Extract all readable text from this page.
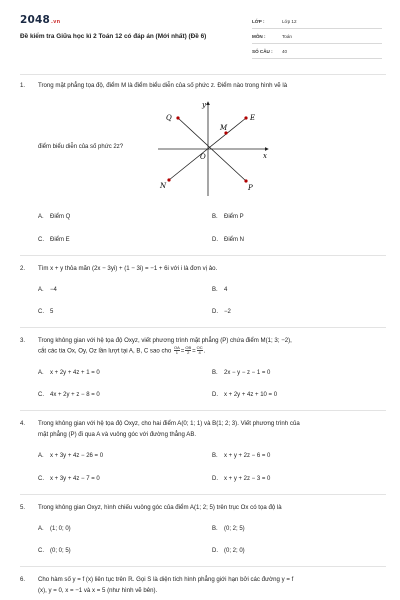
2048.vn
Đề kiểm tra Giữa học kì 2 Toán 12 có đáp án (Mới nhất) (Đề 6)
LỚP :	Lớp 12
MÔN :	Toán
SỐ CÂU :	40
1.	Trong mặt phẳng tọa độ, điểm M là điểm biểu diễn của số phức z. Điểm nào trong hình vẽ là
điểm biểu diễn của số phức 2z?
y
x
O
Q	E
M
N	P
A. Điểm Q	B. Điểm P
C. Điểm E	D. Điểm N
2.	Tìm x + y thỏa mãn (2x − 3yi) + (1 − 3i) = −1 + 6i với i là đơn vị ảo.
A. −4	B. 4
C. 5	D. −2
3.	Trong không gian với hệ tọa độ Oxyz, viết phương trình mặt phẳng (P) chứa điểm M(1; 3; −2),
cắt các tia Ox, Oy, Oz lần lượt tại A, B, C sao cho $\frac{OA}{1} = \frac{OB}{2} = \frac{OC}{4}$ .
A. x + 2y + 4z + 1 = 0	B. 2x − y − z − 1 = 0
C. 4x + 2y + z − 8 = 0	D. x + 2y + 4z + 10 = 0
4.	Trong không gian với hệ tọa độ Oxyz, cho hai điểm A(0; 1; 1) và B(1; 2; 3). Viết phương trình của
mặt phẳng (P) đi qua A và vuông góc với đường thẳng AB.
A. x + 3y + 4z − 26 = 0	B. x + y + 2z − 6 = 0
C. x + 3y + 4z − 7 = 0	D. x + y + 2z − 3 = 0
5.	Trong không gian Oxyz, hình chiếu vuông góc của điểm A(1; 2; 5) trên trục Ox có tọa độ là
A. (1; 0; 0)	B. (0; 2; 5)
C. (0; 0; 5)	D. (0; 2; 0)
6.	Cho hàm số y = f (x) liên tục trên ℝ. Gọi S là diện tích hình phẳng giới hạn bởi các đường y = f
(x), y = 0, x = −1 và x = 5 (như hình vẽ bên).
